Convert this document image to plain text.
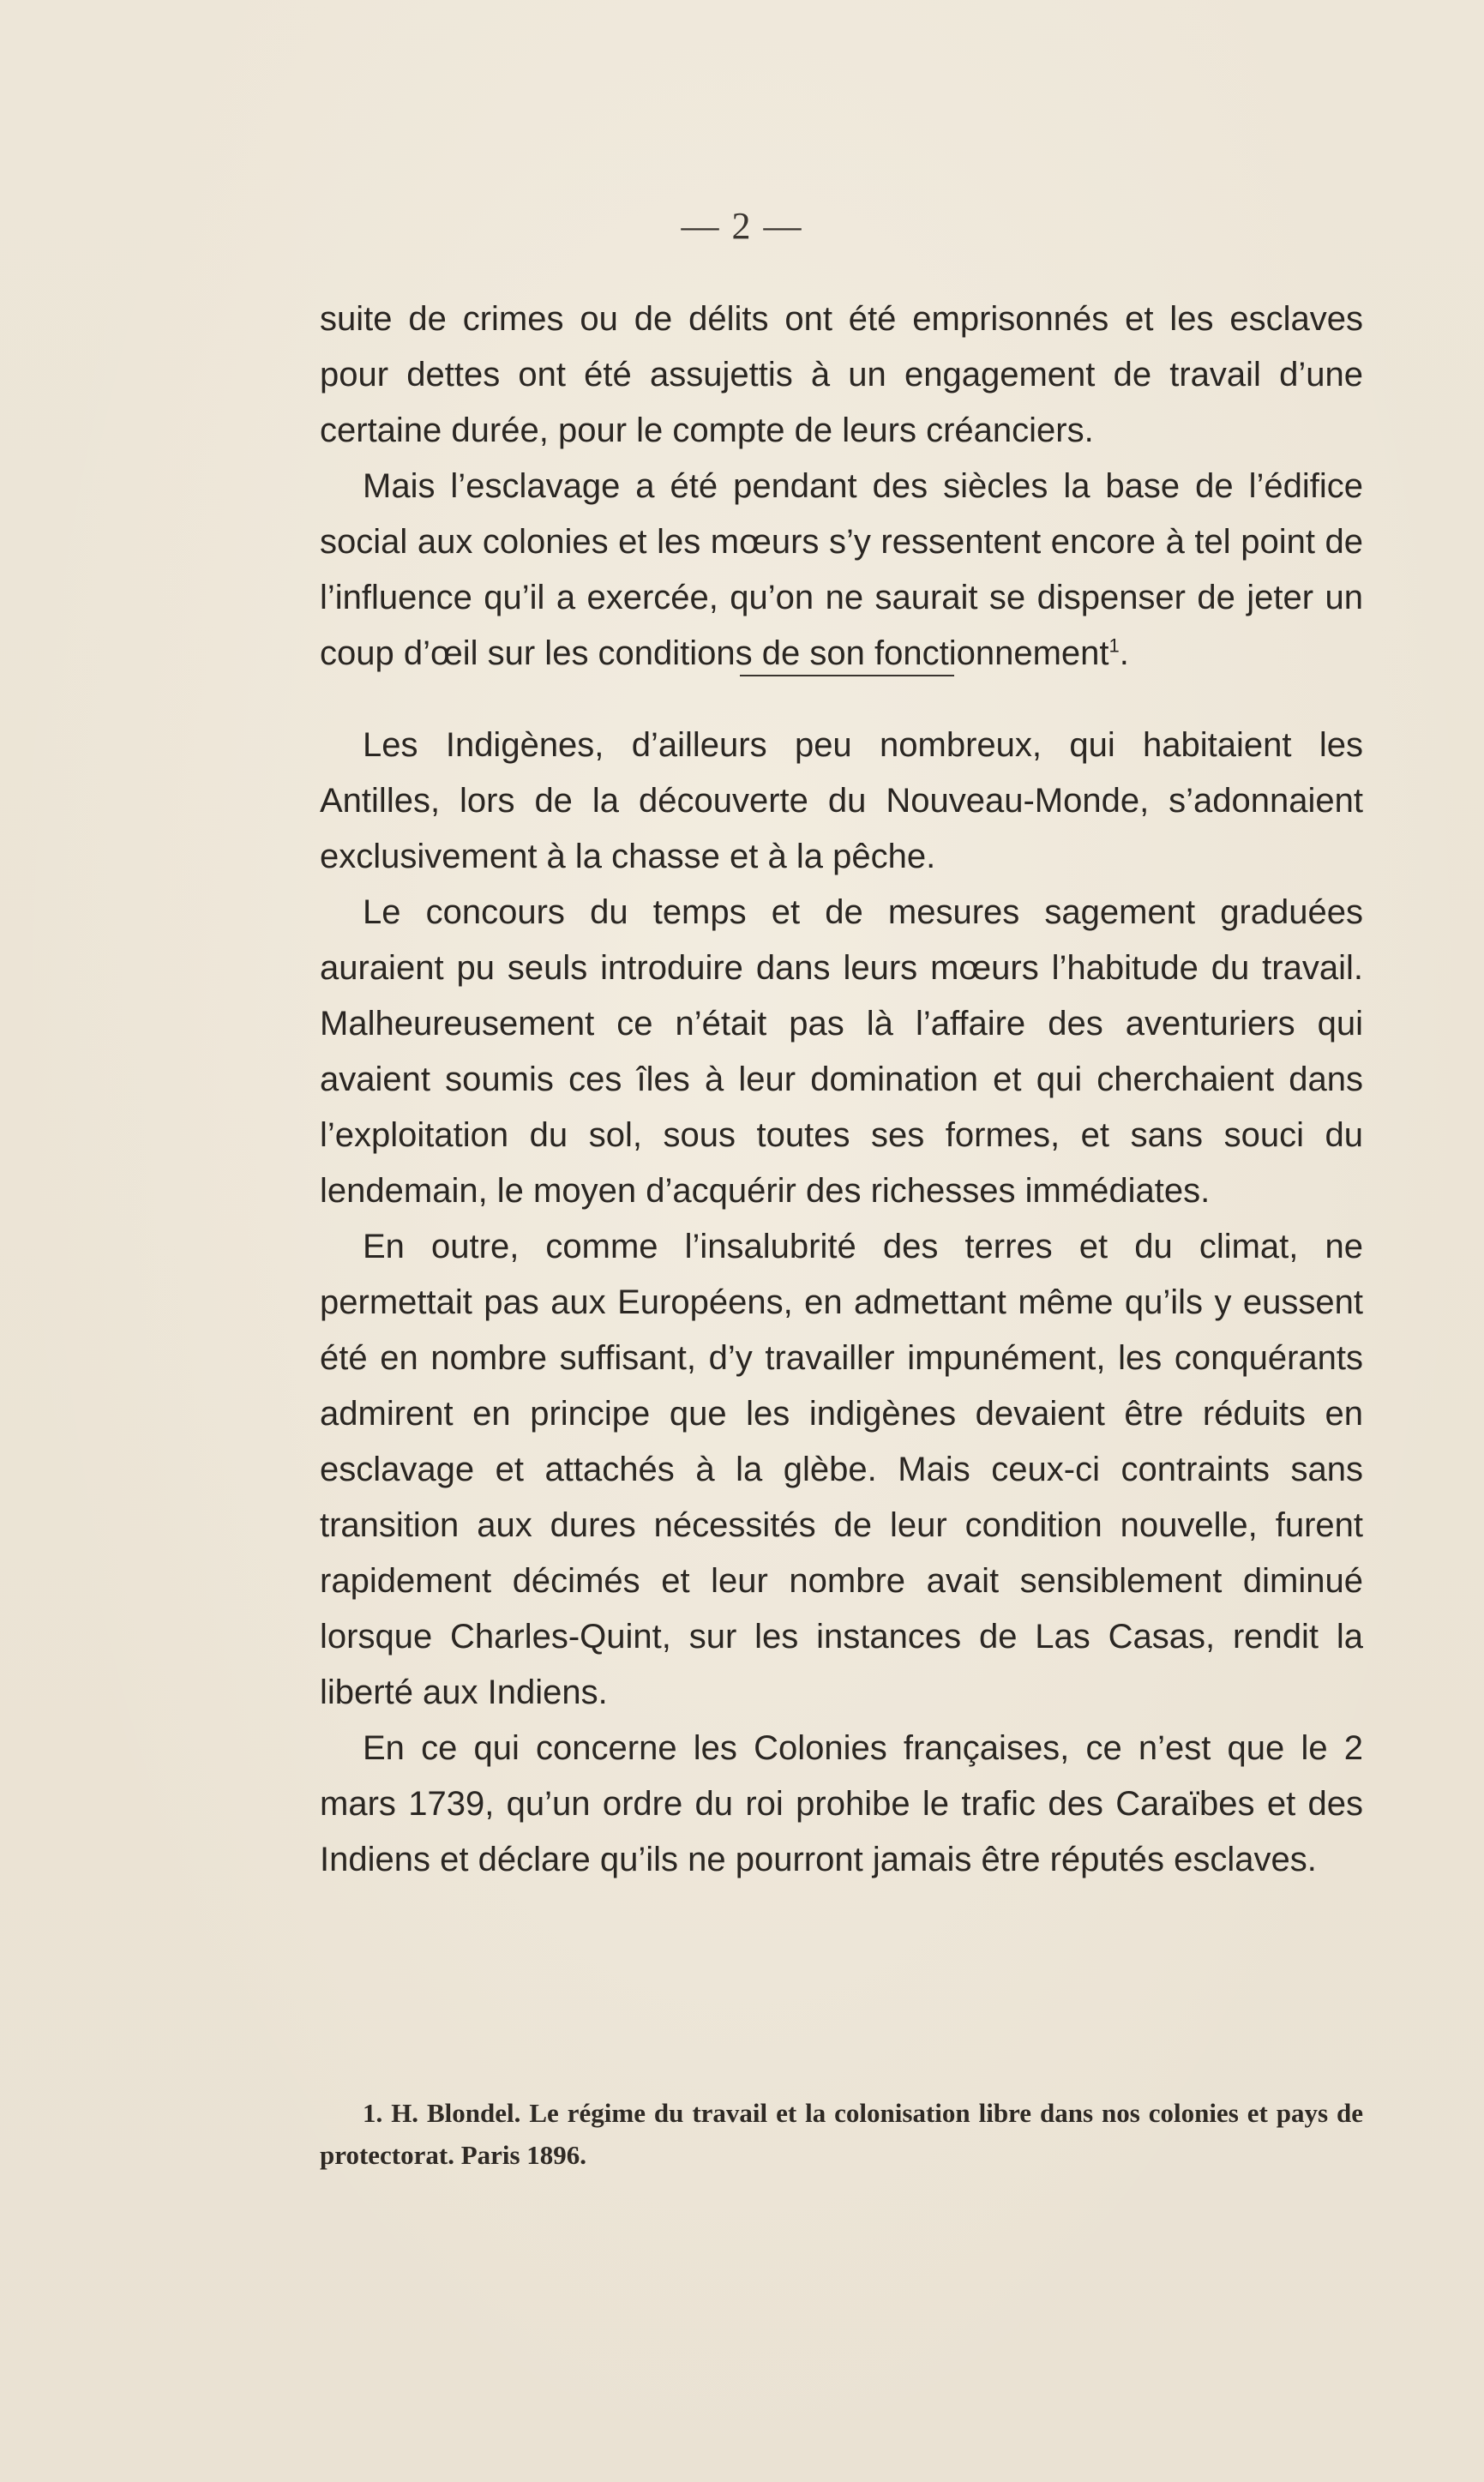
— 2 —

suite de crimes ou de délits ont été emprisonnés et les esclaves pour dettes ont été assujettis à un engagement de travail d’une certaine durée, pour le compte de leurs créanciers.

Mais l’esclavage a été pendant des siècles la base de l’édifice social aux colonies et les mœurs s’y ressentent encore à tel point de l’influence qu’il a exercée, qu’on ne saurait se dispenser de jeter un coup d’œil sur les conditions de son fonctionnement$^1$.

Les Indigènes, d’ailleurs peu nombreux, qui habitaient les Antilles, lors de la découverte du Nouveau-Monde, s’adonnaient exclusivement à la chasse et à la pêche.

Le concours du temps et de mesures sagement graduées auraient pu seuls introduire dans leurs mœurs l’habitude du travail. Malheureusement ce n’était pas là l’affaire des aventuriers qui avaient soumis ces îles à leur domination et qui cherchaient dans l’exploitation du sol, sous toutes ses formes, et sans souci du lendemain, le moyen d’acquérir des richesses immédiates.

En outre, comme l’insalubrité des terres et du climat, ne permettait pas aux Européens, en admettant même qu’ils y eussent été en nombre suffisant, d’y travailler impunément, les conquérants admirent en principe que les indigènes devaient être réduits en esclavage et attachés à la glèbe. Mais ceux-ci contraints sans transition aux dures nécessités de leur condition nouvelle, furent rapidement décimés et leur nombre avait sensiblement diminué lorsque Charles-Quint, sur les instances de Las Casas, rendit la liberté aux Indiens.

En ce qui concerne les Colonies françaises, ce n’est que le 2 mars 1739, qu’un ordre du roi prohibe le trafic des Caraïbes et des Indiens et déclare qu’ils ne pourront jamais être réputés esclaves.

1. H. Blondel. Le régime du travail et la colonisation libre dans nos colonies et pays de protectorat. Paris 1896.
